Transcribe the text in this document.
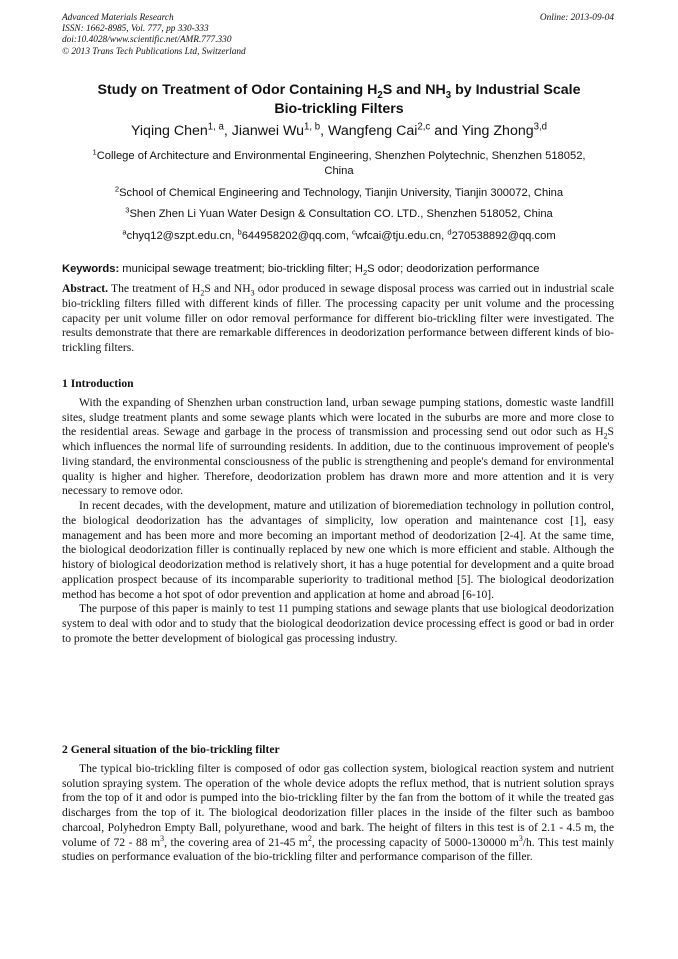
Advanced Materials Research
ISSN: 1662-8985, Vol. 777, pp 330-333
doi:10.4028/www.scientific.net/AMR.777.330
© 2013 Trans Tech Publications Ltd, Switzerland
Online: 2013-09-04
Study on Treatment of Odor Containing $H_2S$ and $NH_3$ by Industrial Scale
Bio-trickling Filters
Yiqing Chen$^{1, a}$, Jianwei Wu$^{1, b}$, Wangfeng Cai$^{2,c}$ and Ying Zhong$^{3,d}$

$^1$College of Architecture and Environmental Engineering, Shenzhen Polytechnic, Shenzhen 518052, China

$^2$School of Chemical Engineering and Technology, Tianjin University, Tianjin 300072, China

$^3$Shen Zhen Li Yuan Water Design & Consultation CO. LTD., Shenzhen 518052, China

$^a$chyq12@szpt.edu.cn, $^b$644958202@qq.com, $^c$wfcai@tju.edu.cn, $^d$270538892@qq.com

Keywords: municipal sewage treatment; bio-trickling filter; $H_2S$ odor; deodorization performance

Abstract. The treatment of $H_2S$ and $NH_3$ odor produced in sewage disposal process was carried out in industrial scale bio-trickling filters filled with different kinds of filler. The processing capacity per unit volume and the processing capacity per unit volume filler on odor removal performance for different bio-trickling filter were investigated. The results demonstrate that there are remarkable differences in deodorization performance between different kinds of bio-trickling filters.

1 Introduction

With the expanding of Shenzhen urban construction land, urban sewage pumping stations, domestic waste landfill sites, sludge treatment plants and some sewage plants which were located in the suburbs are more and more close to the residential areas. Sewage and garbage in the process of transmission and processing send out odor such as $H_2S$ which influences the normal life of surrounding residents. In addition, due to the continuous improvement of people's living standard, the environmental consciousness of the public is strengthening and people's demand for environmental quality is higher and higher. Therefore, deodorization problem has drawn more and more attention and it is very necessary to remove odor.

In recent decades, with the development, mature and utilization of bioremediation technology in pollution control, the biological deodorization has the advantages of simplicity, low operation and maintenance cost [1], easy management and has been more and more becoming an important method of deodorization [2-4]. At the same time, the biological deodorization filler is continually replaced by new one which is more efficient and stable. Although the history of biological deodorization method is relatively short, it has a huge potential for development and a quite broad application prospect because of its incomparable superiority to traditional method [5]. The biological deodorization method has become a hot spot of odor prevention and application at home and abroad [6-10].

The purpose of this paper is mainly to test 11 pumping stations and sewage plants that use biological deodorization system to deal with odor and to study that the biological deodorization device processing effect is good or bad in order to promote the better development of biological gas processing industry.

2 General situation of the bio-trickling filter

The typical bio-trickling filter is composed of odor gas collection system, biological reaction system and nutrient solution spraying system. The operation of the whole device adopts the reflux method, that is nutrient solution sprays from the top of it and odor is pumped into the bio-trickling filter by the fan from the bottom of it while the treated gas discharges from the top of it. The biological deodorization filler places in the inside of the filter such as bamboo charcoal, Polyhedron Empty Ball, polyurethane, wood and bark. The height of filters in this test is of 2.1 - 4.5 m, the volume of 72 - 88 $m^3$, the covering area of 21-45 $m^2$, the processing capacity of 5000-130000 $m^3/h$. This test mainly studies on performance evaluation of the bio-trickling filter and performance comparison of the filler.
